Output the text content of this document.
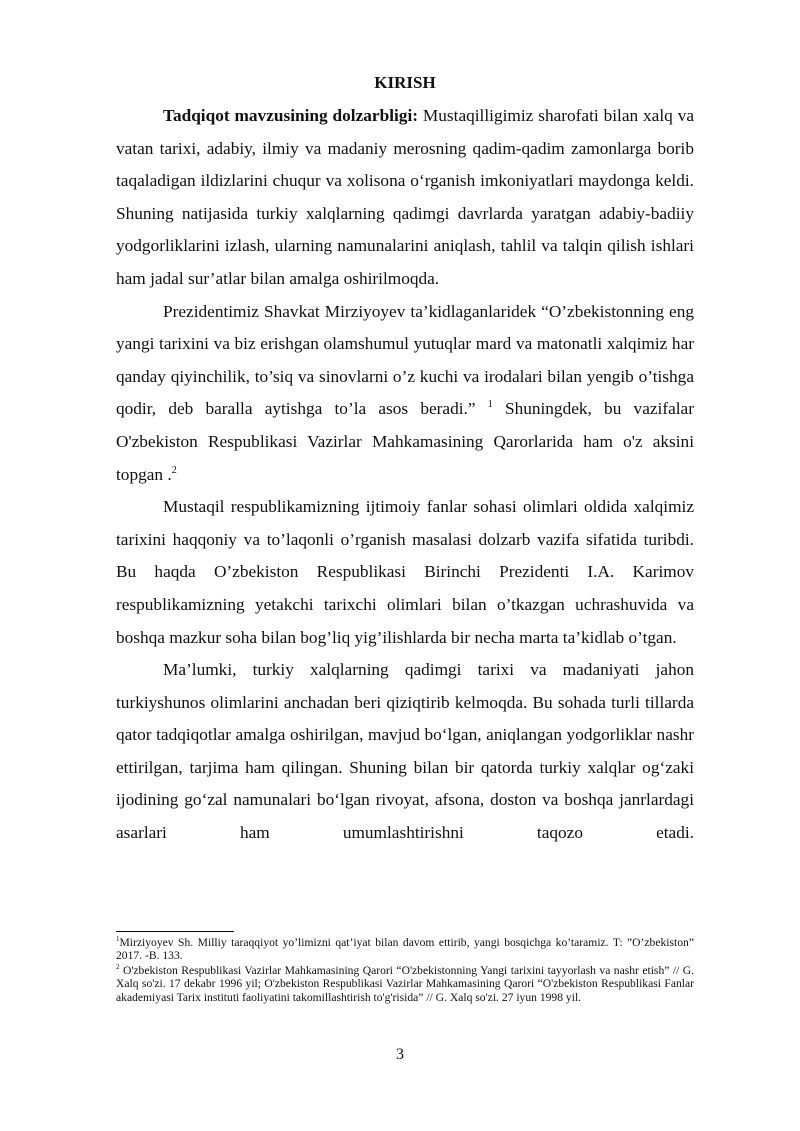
KIRISH

Tadqiqot mavzusining dolzarbligi: Mustaqilligimiz sharofati bilan xalq va vatan tarixi, adabiy, ilmiy va madaniy merosning qadim-qadim zamonlarga borib taqaladigan ildizlarini chuqur va xolisona o‘rganish imkoniyatlari maydonga keldi. Shuning natijasida turkiy xalqlarning qadimgi davrlarda yaratgan adabiy-badiiy yodgorliklarini izlash, ularning namunalarini aniqlash, tahlil va talqin qilish ishlari ham jadal sur’atlar bilan amalga oshirilmoqda.

Prezidentimiz Shavkat Mirziyoyev ta’kidlaganlaridek “O’zbekistonning eng yangi tarixini va biz erishgan olamshumul yutuqlar mard va matonatli xalqimiz har qanday qiyinchilik, to’siq va sinovlarni o’z kuchi va irodalari bilan yengib o’tishga qodir, deb baralla aytishga to’la asos beradi.” $^1$ Shuningdek, bu vazifalar O'zbekiston Respublikasi Vazirlar Mahkamasining Qarorlarida ham o'z aksini topgan .$^2$

Mustaqil respublikamizning ijtimoiy fanlar sohasi olimlari oldida xalqimiz tarixini haqqoniy va to’laqonli o’rganish masalasi dolzarb vazifa sifatida turibdi. Bu haqda O’zbekiston Respublikasi Birinchi Prezidenti I.A. Karimov respublikamizning yetakchi tarixchi olimlari bilan o’tkazgan uchrashuvida va boshqa mazkur soha bilan bog’liq yig’ilishlarda bir necha marta ta’kidlab o’tgan.

Ma’lumki, turkiy xalqlarning qadimgi tarixi va madaniyati jahon turkiyshunos olimlarini anchadan beri qiziqtirib kelmoqda. Bu sohada turli tillarda qator tadqiqotlar amalga oshirilgan, mavjud bo‘lgan, aniqlangan yodgorliklar nashr ettirilgan, tarjima ham qilingan. Shuning bilan bir qatorda turkiy xalqlar og‘zaki ijodining go‘zal namunalari bo‘lgan rivoyat, afsona, doston va boshqa janrlardagi asarlari ham umumlashtirishni taqozo etadi.

$^1$Mirziyoyev Sh. Milliy taraqqiyot yo’limizni qat’iyat bilan davom ettirib, yangi bosqichga ko’taramiz. T: ”O’zbekiston” 2017. -B. 133.

$^2$ O'zbekiston Respublikasi Vazirlar Mahkamasining Qarori “O'zbekistonning Yangi tarixini tayyorlash va nashr etish” // G. Xalq so'zi. 17 dekabr 1996 yil; O'zbekiston Respublikasi Vazirlar Mahkamasining Qarori “O'zbekiston Respublikasi Fanlar akademiyasi Tarix instituti faoliyatini takomillashtirish to'g'risida” // G. Xalq so'zi. 27 iyun 1998 yil.

3
